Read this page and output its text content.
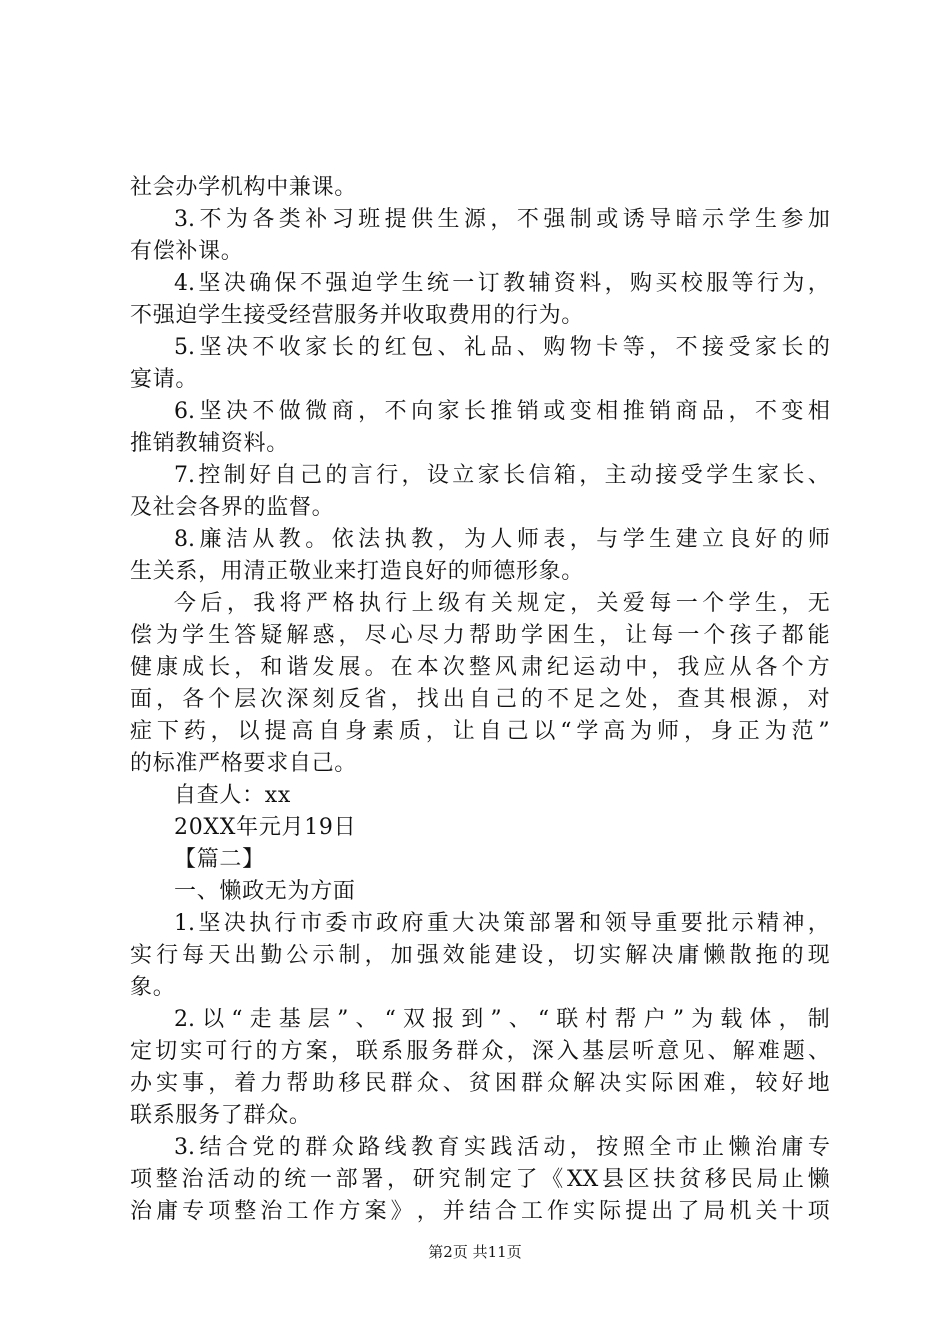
社会办学机构中兼课。
3. 不 为 各 类 补 习 班 提 供 生 源 ， 不 强 制 或 诱 导 暗 示 学 生 参 加
有偿补课。
4. 坚 决 确 保 不 强 迫 学 生 统 一 订 教 辅 资 料 ， 购 买 校 服 等 行 为 ，
不强迫学生接受经营服务并收取费用的行为。
5. 坚 决 不 收 家 长 的 红 包 、 礼 品 、 购 物 卡 等 ， 不 接 受 家 长 的
宴请。
6. 坚 决 不 做 微 商 ， 不 向 家 长 推 销 或 变 相 推 销 商 品 ， 不 变 相
推销教辅资料。
7. 控 制 好 自 己 的 言 行 ， 设 立 家 长 信 箱 ， 主 动 接 受 学 生 家 长 、
及社会各界的监督。
8. 廉 洁 从 教 。 依 法 执 教 ， 为 人 师 表 ， 与 学 生 建 立 良 好 的 师
生关系，用清正敬业来打造良好的师德形象。
今 后 ， 我 将 严 格 执 行 上 级 有 关 规 定 ， 关 爱 每 一 个 学 生 ， 无
偿 为 学 生 答 疑 解 惑 ， 尽 心 尽 力 帮 助 学 困 生 ， 让 每 一 个 孩 子 都 能
健 康 成 长 ， 和 谐 发 展 。 在 本 次 整 风 肃 纪 运 动 中 ， 我 应 从 各 个 方
面 ， 各 个 层 次 深 刻 反 省 ， 找 出 自 己 的 不 足 之 处 ， 查 其 根 源 ， 对
症 下 药 ， 以 提 高 自 身 素 质 ， 让 自 己 以 “ 学 高 为 师 ， 身 正 为 范 ”
的标准严格要求自己。
自查人：xx
20XX年元月19日
【篇二】
一、懒政无为方面
1. 坚 决 执 行 市 委 市 政 府 重 大 决 策 部 署 和 领 导 重 要 批 示 精 神 ，
实 行 每 天 出 勤 公 示 制 ， 加 强 效 能 建 设 ， 切 实 解 决 庸 懒 散 拖 的 现
象。
2. 以 “ 走 基 层 ” 、 “ 双 报 到 ” 、 “ 联 村 帮 户 ” 为 载 体 ， 制
定 切 实 可 行 的 方 案 ， 联 系 服 务 群 众 ， 深 入 基 层 听 意 见 、 解 难 题 、
办 实 事 ， 着 力 帮 助 移 民 群 众 、 贫 困 群 众 解 决 实 际 困 难 ， 较 好 地
联系服务了群众。
3. 结 合 党 的 群 众 路 线 教 育 实 践 活 动 ， 按 照 全 市 止 懒 治 庸 专
项 整 治 活 动 的 统 一 部 署 ， 研 究 制 定 了 《 XX 县 区 扶 贫 移 民 局 止 懒
治 庸 专 项 整 治 工 作 方 案 》 ， 并 结 合 工 作 实 际 提 出 了 局 机 关 十 项
第2页 共11页
